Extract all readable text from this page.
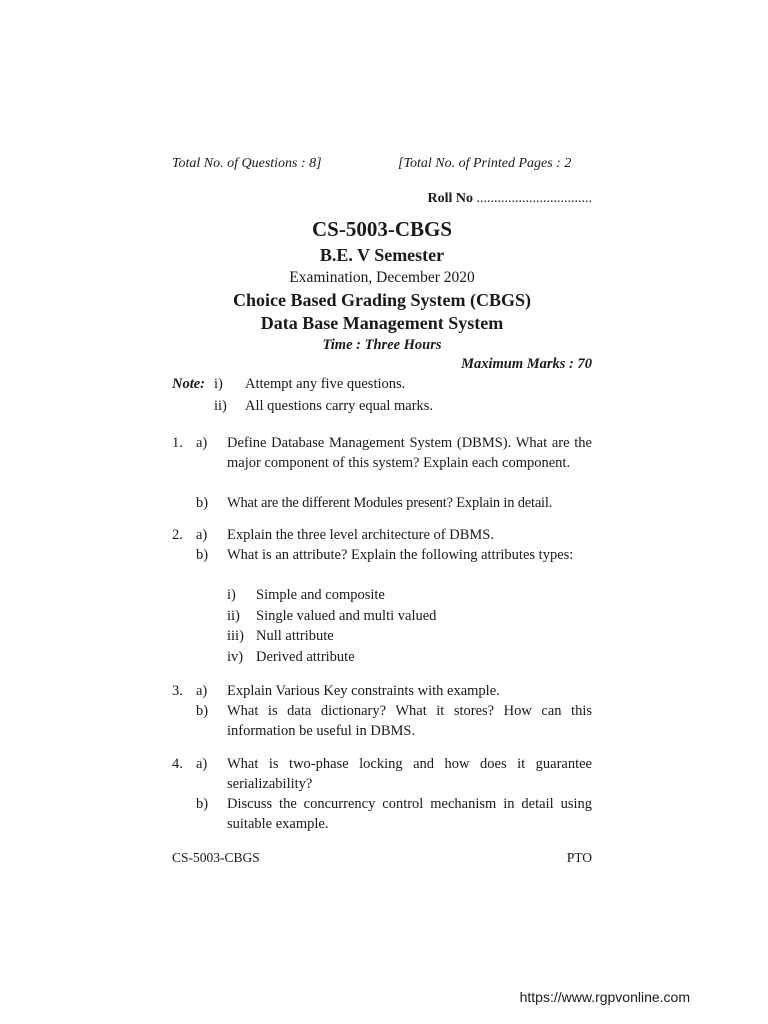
Total No. of Questions : 8]	[Total No. of Printed Pages : 2
Roll No .................................
CS-5003-CBGS
B.E. V Semester
Examination, December 2020
Choice Based Grading System (CBGS)
Data Base Management System
Time : Three Hours
Maximum Marks : 70
Note: i) Attempt any five questions.
ii) All questions carry equal marks.
1. a)	Define Database Management System (DBMS). What are the major component of this system? Explain each component.
b)	What are the different Modules present? Explain in detail.
2. a)	Explain the three level architecture of DBMS.
b)	What is an attribute? Explain the following attributes types:
i)	Simple and composite
ii)	Single valued and multi valued
iii) Null attribute
iv) Derived attribute
3. a)	Explain Various Key constraints with example.
b)	What is data dictionary? What it stores? How can this information be useful in DBMS.
4. a)	What is two-phase locking and how does it guarantee serializability?
b)	Discuss the concurrency control mechanism in detail using suitable example.
CS-5003-CBGS	PTO
https://www.rgpvonline.com
